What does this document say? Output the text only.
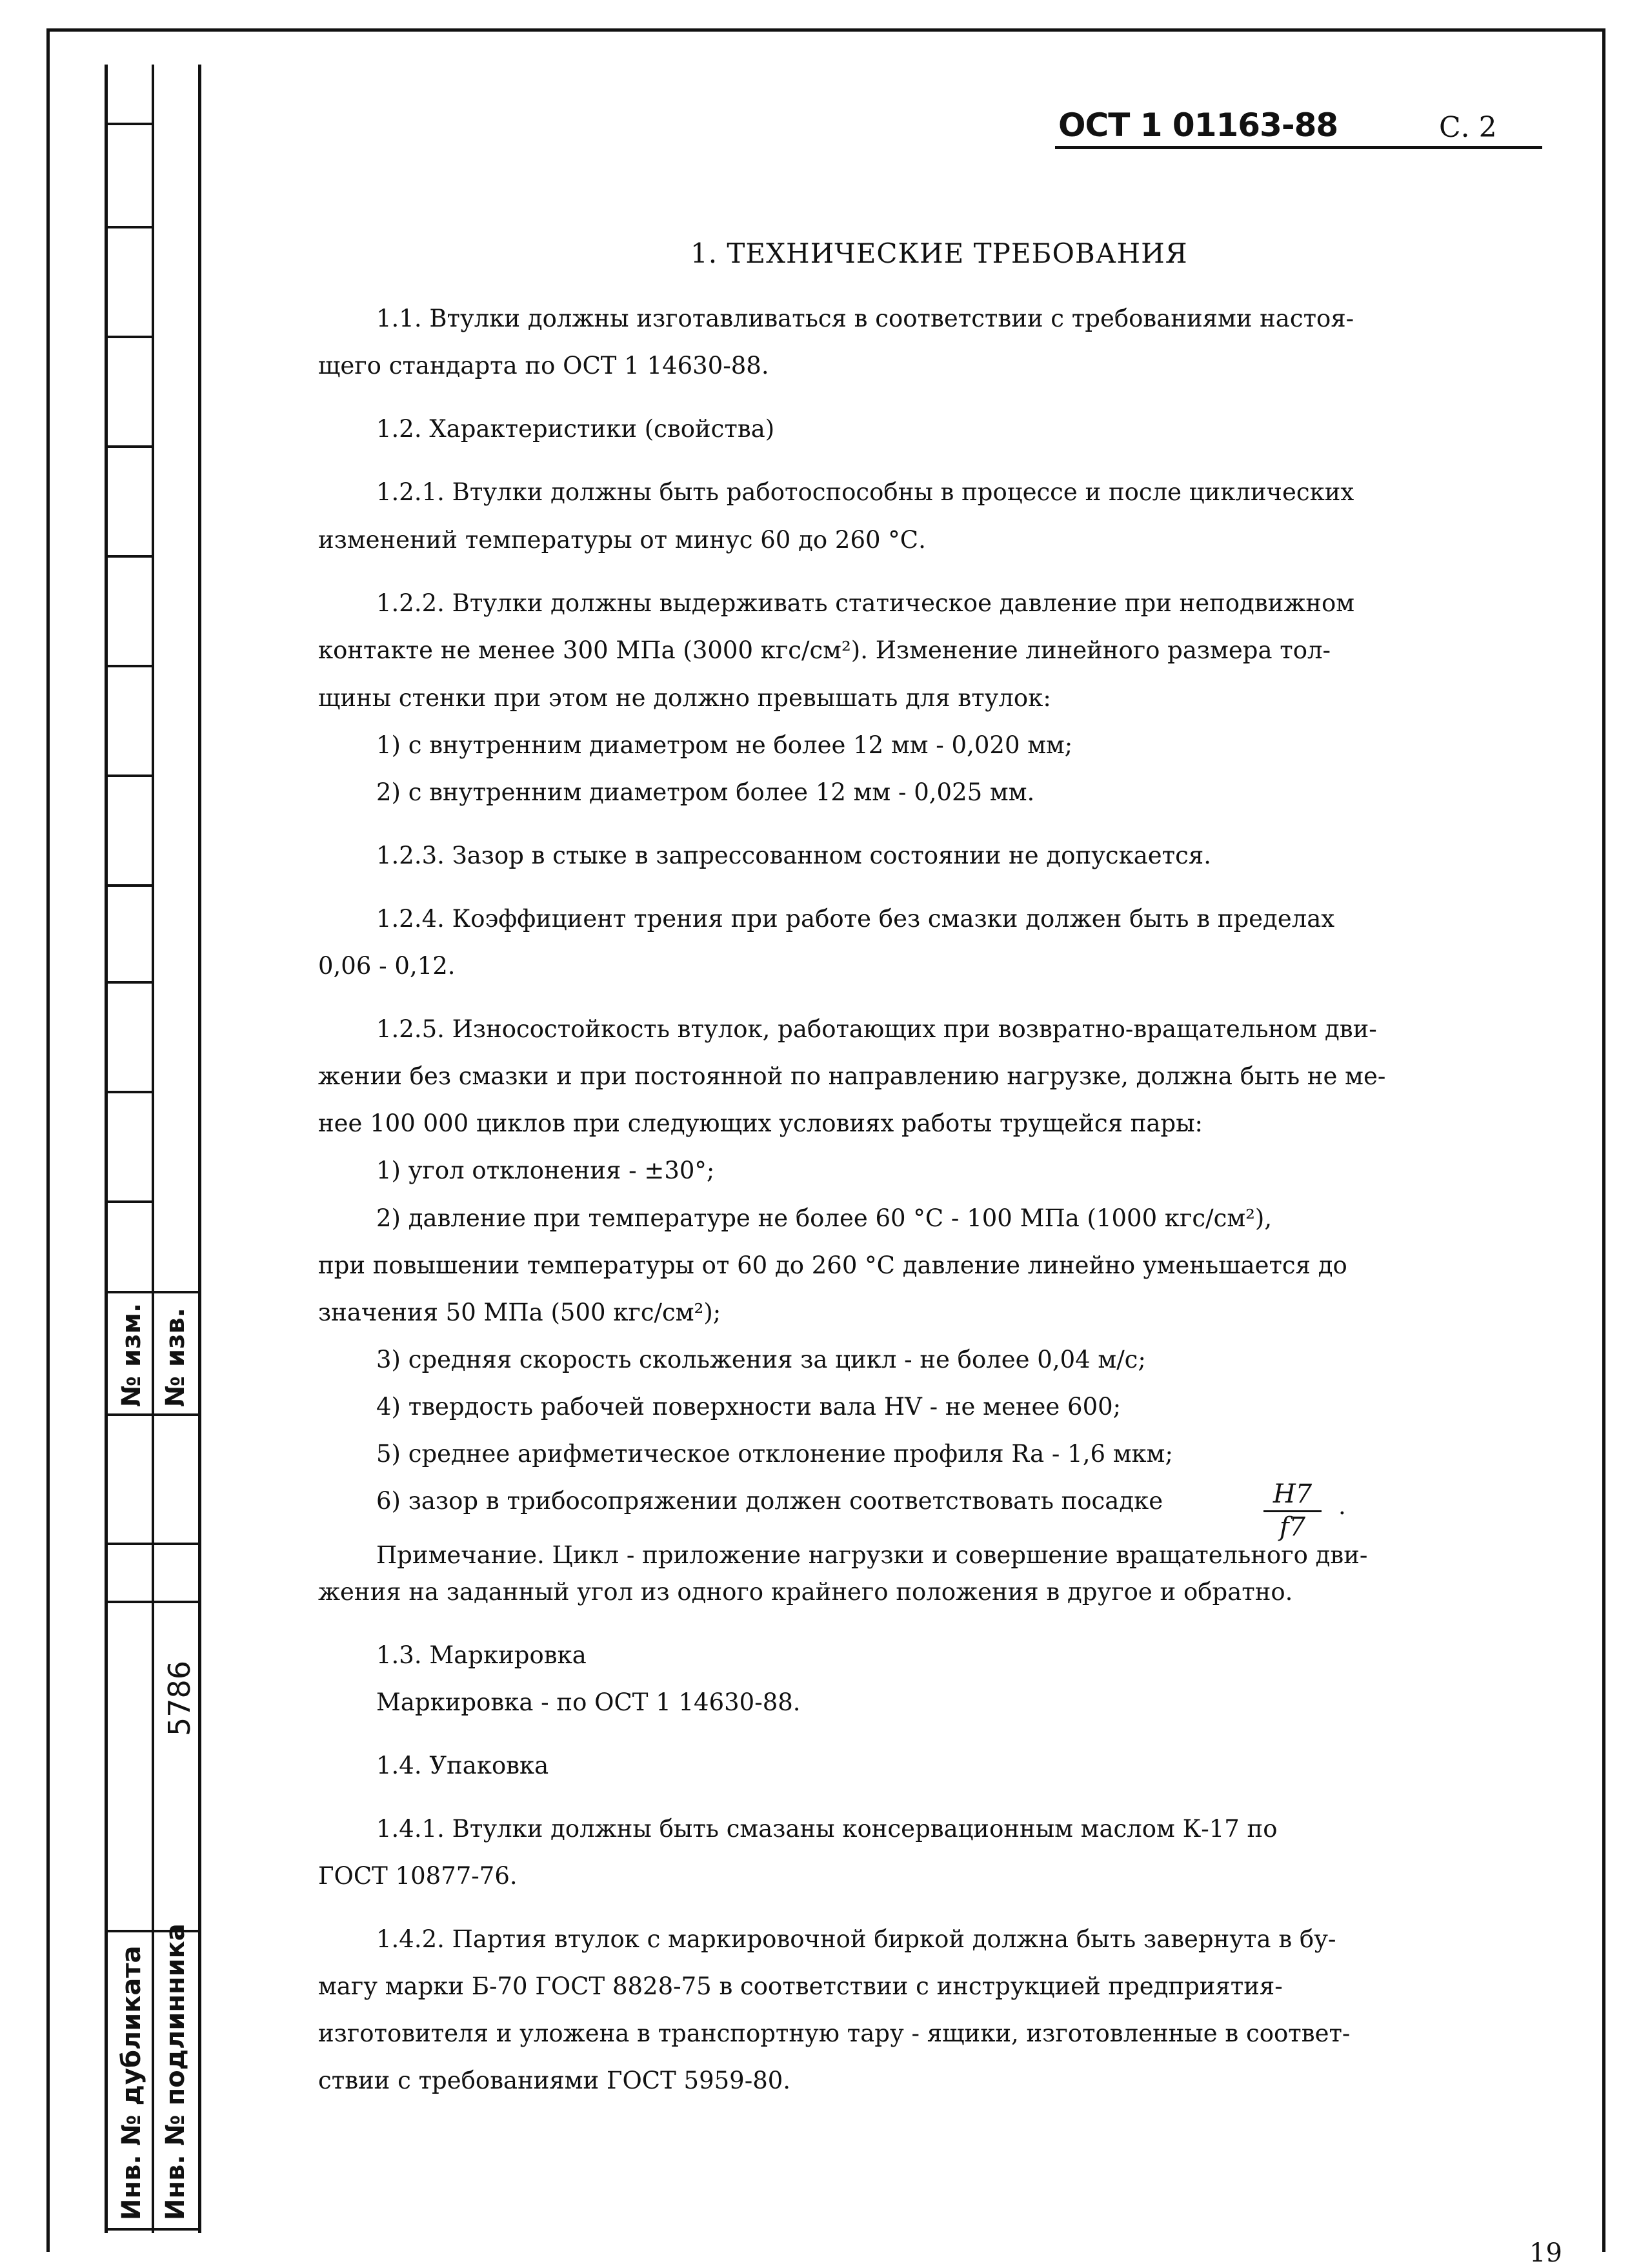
№ изм. № изв.
5786
Инв. № дубликата Инв. № подлинника
ОСТ 1 01163-88	С. 2
1. ТЕХНИЧЕСКИЕ ТРЕБОВАНИЯ
1.1. Втулки должны изготавливаться в соответствии с требованиями настоя-
щего стандарта по ОСТ 1 14630-88.
1.2. Характеристики (свойства)
1.2.1. Втулки должны быть работоспособны в процессе и после циклических
изменений температуры от минус 60 до 260 °С.
1.2.2. Втулки должны выдерживать статическое давление при неподвижном
контакте не менее 300 МПа (3000 кгс/см²). Изменение линейного размера тол-
щины стенки при этом не должно превышать для втулок:
1) с внутренним диаметром не более 12 мм - 0,020 мм;
2) с внутренним диаметром более 12 мм - 0,025 мм.
1.2.3. Зазор в стыке в запрессованном состоянии не допускается.
1.2.4. Коэффициент трения при работе без смазки должен быть в пределах
0,06 - 0,12.
1.2.5. Износостойкость втулок, работающих при возвратно-вращательном дви-
жении без смазки и при постоянной по направлению нагрузке, должна быть не ме-
нее 100 000 циклов при следующих условиях работы трущейся пары:
1) угол отклонения - ±30°;
2) давление при температуре не более 60 °С - 100 МПа (1000 кгс/см²),
при повышении температуры от 60 до 260 °С давление линейно уменьшается до
значения 50 МПа (500 кгс/см²);
3) средняя скорость скольжения за цикл - не более 0,04 м/с;
4) твердость рабочей поверхности вала HV - не менее 600;
5) среднее арифметическое отклонение профиля Ra - 1,6 мкм;
6) зазор в трибосопряжении должен соответствовать посадке	$\frac{H7}{f7}$ .
Примечание. Цикл - приложение нагрузки и совершение вращательного дви-
жения на заданный угол из одного крайнего положения в другое и обратно.
1.3. Маркировка
Маркировка - по ОСТ 1 14630-88.
1.4. Упаковка
1.4.1. Втулки должны быть смазаны консервационным маслом К-17 по
ГОСТ 10877-76.
1.4.2. Партия втулок с маркировочной биркой должна быть завернута в бу-
магу марки Б-70 ГОСТ 8828-75 в соответствии с инструкцией предприятия-
изготовителя и уложена в транспортную тару - ящики, изготовленные в соответ-
ствии с требованиями ГОСТ 5959-80.
19
